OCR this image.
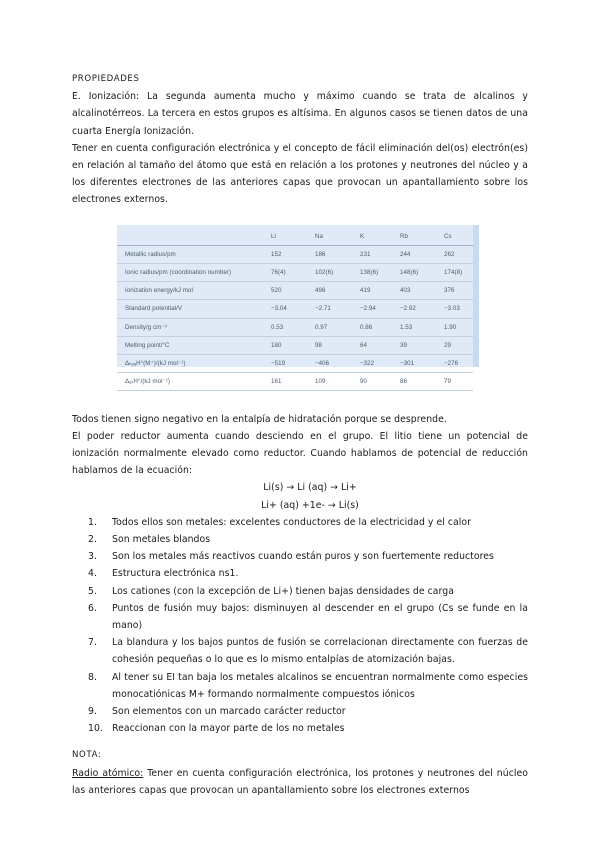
PROPIEDADES

E. Ionización: La segunda aumenta mucho y máximo cuando se trata de alcalinos y alcalinotérreos. La tercera en estos grupos es altísima. En algunos casos se tienen datos de una cuarta Energía Ionización.

Tener en cuenta configuración electrónica y el concepto de fácil eliminación del(os) electrón(es) en relación al tamaño del átomo que está en relación a los protones y neutrones del núcleo y a los diferentes electrones de las anteriores capas que provocan un apantallamiento sobre los electrones externos.

	Li	Na	K	Rb	Cs
Metallic radius/pm	152	186	231	244	262
Ionic radius/pm (coordination number)	76(4)	102(6)	138(6)	148(6)	174(8)
Ionization energy/kJ mol	520	496	419	403	376
Standard potential/V	−3.04	−2.71	−2.94	−2.92	−3.03
Density/g cm⁻³	0.53	0.97	0.86	1.53	1.90
Melting point/°C	180	98	64	39	29
ΔₕᵧₐH°(M⁺)/(kJ mol⁻¹)	−519	−406	−322	−301	−276
ΔₐₜH°/(kJ mol⁻¹)	161	109	90	86	79

Todos tienen signo negativo en la entalpía de hidratación porque se desprende.

El poder reductor aumenta cuando desciendo en el grupo. El litio tiene un potencial de ionización normalmente elevado como reductor. Cuando hablamos de potencial de reducción hablamos de la ecuación:

Li(s) → Li (aq) → Li+
Li+ (aq) +1e- → Li(s)
1. Todos ellos son metales: excelentes conductores de la electricidad y el calor
2. Son metales blandos
3. Son los metales más reactivos cuando están puros y son fuertemente reductores
4. Estructura electrónica ns1.
5. Los cationes (con la excepción de Li+) tienen bajas densidades de carga
6. Puntos de fusión muy bajos: disminuyen al descender en el grupo (Cs se funde en la mano)
7. La blandura y los bajos puntos de fusión se correlacionan directamente con fuerzas de cohesión pequeñas o lo que es lo mismo entalpías de atomización bajas.
8. Al tener su EI tan baja los metales alcalinos se encuentran normalmente como especies monocatiónicas M+ formando normalmente compuestos iónicos
9. Son elementos con un marcado carácter reductor
10. Reaccionan con la mayor parte de los no metales
NOTA:

Radio atómico: Tener en cuenta configuración electrónica, los protones y neutrones del núcleo las anteriores capas que provocan un apantallamiento sobre los electrones externos
